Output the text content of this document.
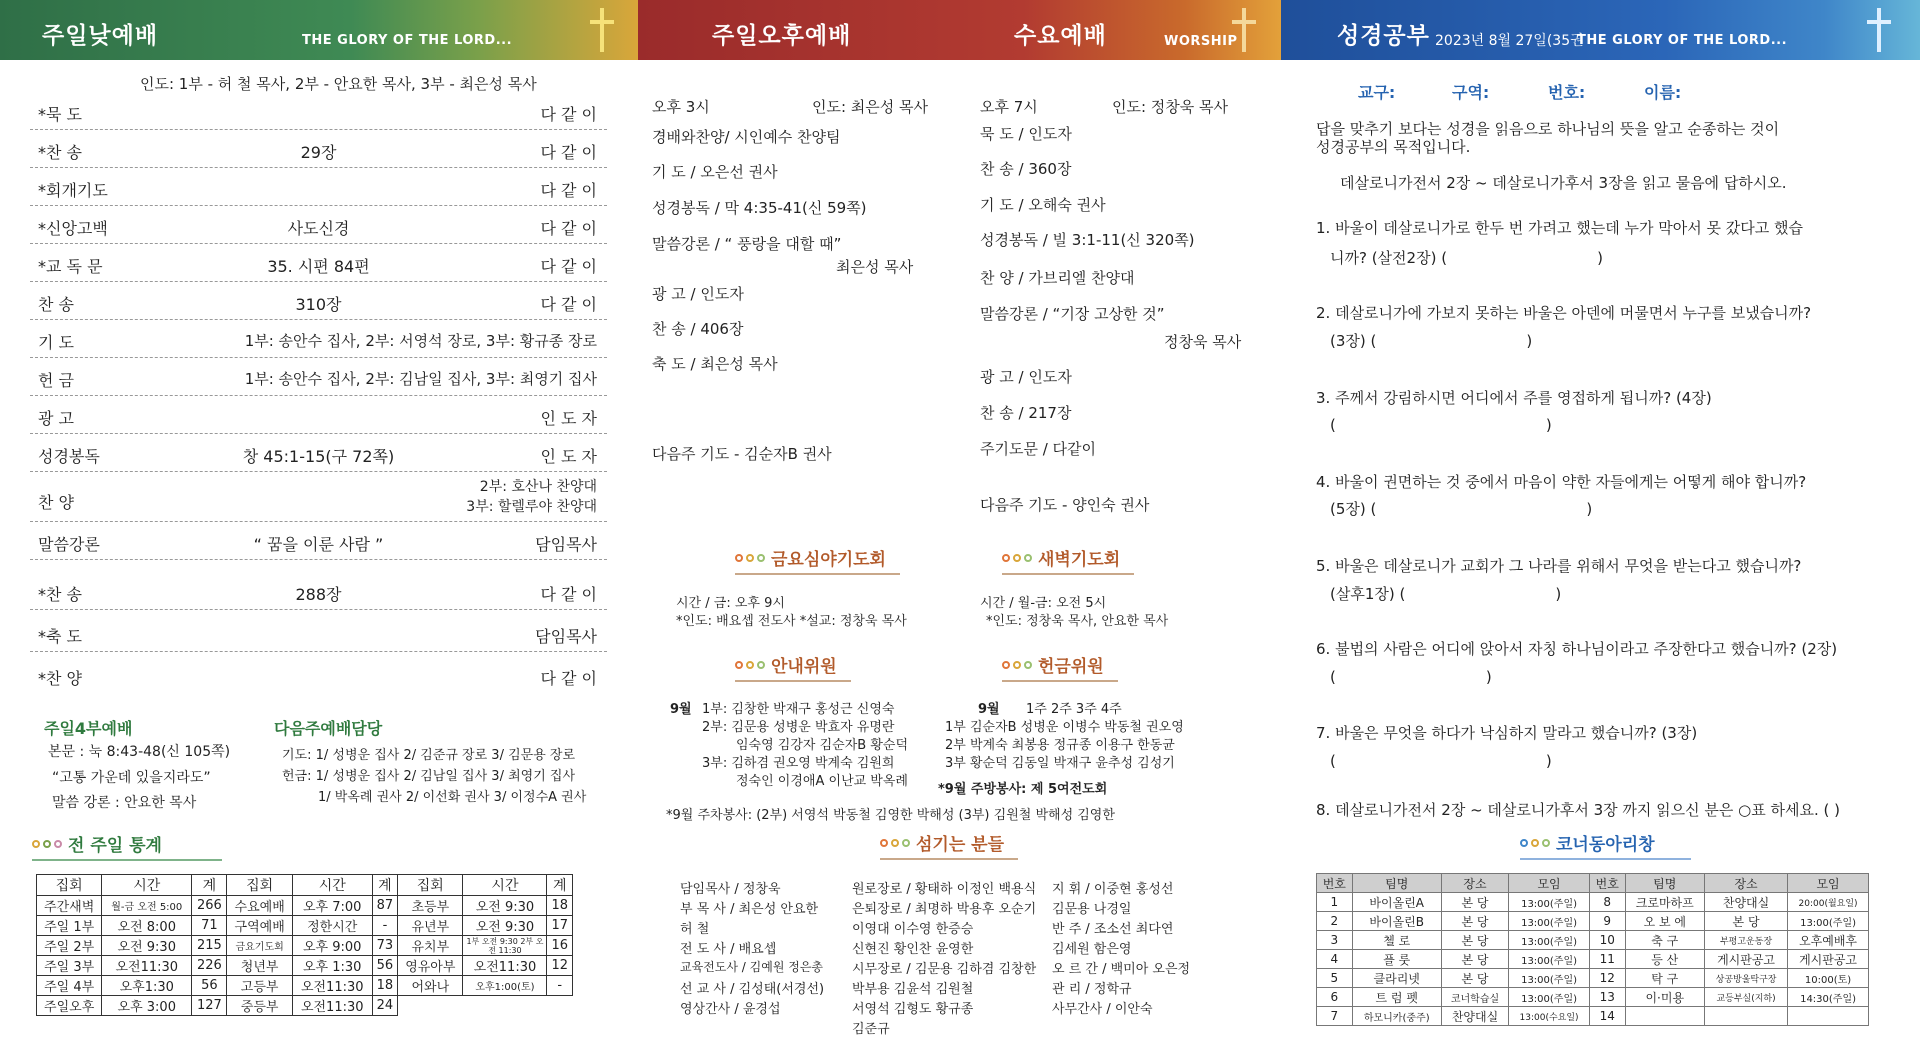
주일낮예배	THE GLORY OF THE LORD...	주일오후예배	수요예배	WORSHIP	성경공부 2023년 8월 27일(35권
THE GLORY OF THE LORD...
인도: 1부 - 허 철 목사, 2부 - 안요한 목사, 3부 - 최은성 목사
*묵 도	다 같 이
*찬 송	29장	다 같 이
*회개기도	다 같 이
*신앙고백	사도신경	다 같 이
*교 독 문	35. 시편 84편	다 같 이
찬 송	310장	다 같 이
기 도	1부: 송안수 집사, 2부: 서영석 장로, 3부: 황규종 장로
헌 금	1부: 송안수 집사, 2부: 김남일 집사, 3부: 최영기 집사
광 고	인 도 자
성경봉독	창 45:1-15(구 72쪽)	인 도 자
찬 양
2부: 호산나 찬양대
3부: 할렐루야 찬양대
말씀강론	“ 꿈을 이룬 사람 ”	담임목사
*찬 송	288장	다 같 이
*축 도	담임목사
*찬 양	다 같 이
주일4부예배
본문 : 눅 8:43-48(신 105쪽)
“고통 가운데 있을지라도”
말씀 강론 : 안요한 목사
다음주예배담당
기도: 1/ 성병운 집사 2/ 김준규 장로 3/ 김문용 장로
헌금: 1/ 성병운 집사 2/ 김남일 집사 3/ 최영기 집사
1/ 박옥례 권사 2/ 이선화 권사 3/ 이정수A 권사
전 주일 통계
집회	시간	계	집회	시간	계	집회	시간	계
주간새벽	월-금 오전 5:00	266	수요예배	오후 7:00	87	초등부	오전 9:30	18
주일 1부	오전 8:00	71	구역예배	정한시간	-	유년부	오전 9:30	17
주일 2부	오전 9:30	215	금요기도회	오후 9:00	73	유치부	1부 오전 9:30 2부 오전 11:30	16
주일 3부	오전11:30	226	청년부	오후 1:30	56	영유아부	오전11:30	12
주일 4부	오후1:30	56	고등부	오전11:30	18	어와나	오후1:00(토)	-
주일오후	오후 3:00	127	중등부	오전11:30	24			
오후 3시	인도: 최은성 목사
경배와찬양/ 시인예수 찬양팀
기 도 / 오은선 권사
성경봉독 / 막 4:35-41(신 59쪽)
말씀강론 / “ 풍랑을 대할 때”
최은성 목사
광 고 / 인도자
찬 송 / 406장
축 도 / 최은성 목사
다음주 기도 - 김순자B 권사
오후 7시	인도: 정창욱 목사
묵 도 / 인도자
찬 송 / 360장
기 도 / 오해숙 권사
성경봉독 / 빌 3:1-11(신 320쪽)
찬 양 / 가브리엘 찬양대
말씀강론 / “기장 고상한 것”
정창욱 목사
광 고 / 인도자
찬 송 / 217장
주기도문 / 다같이
다음주 기도 - 양인숙 권사
금요심야기도회
시간 / 금: 오후 9시
*인도: 배요셉 전도사 *설교: 정창욱 목사
새벽기도회
시간 / 월-금: 오전 5시
*인도: 정창욱 목사, 안요한 목사
안내위원
9월 1부: 김창한 박재구 홍성근 신영숙
2부: 김문용 성병운 박효자 유명란
임숙영 김강자 김순자B 황순덕
3부: 김하겸 권오영 박계숙 김원희
정숙인 이경애A 이난교 박옥례
헌금위원
9월 1주 2주 3주 4주
1부 김순자B 성병운 이병수 박동철 권오영
2부 박계숙 최봉용 정규종 이용구 한동균
3부 황순덕 김동일 박재구 윤추성 김성기
*9월 주방봉사: 제 5여전도회
*9월 주차봉사: (2부) 서영석 박동철 김영한 박해성 (3부) 김원철 박해성 김영한
섬기는 분들
담임목사 / 정창욱
부 목 사 / 최은성 안요한
허 철
전 도 사 / 배요셉
교육전도사 / 김예원 정은총
선 교 사 / 김성태(서경선)
영상간사 / 윤경섭
원로장로 / 황태하 이정인 백용식
은퇴장로 / 최명하 박용후 오순기
이영대 이수영 한증승
신현진 황인찬 윤영한
시무장로 / 김문용 김하겸 김창한
박부용 김윤석 김원철
서영석 김형도 황규종
김준규
지 휘 / 이중현 홍성선
김문용 나경일
반 주 / 조소선 최다연
김세원 함은영
오 르 간 / 백미아 오은정
관 리 / 정학규
사무간사 / 이안숙
교구:	구역:	번호:	이름:
답을 맞추기 보다는 성경을 읽음으로 하나님의 뜻을 알고 순종하는 것이
성경공부의 목적입니다.
데살로니가전서 2장 ~ 데살로니가후서 3장을 읽고 물음에 답하시오.
1. 바울이 데살로니가로 한두 번 가려고 했는데 누가 막아서 못 갔다고 했습
니까? (살전2장) (	)
2. 데살로니가에 가보지 못하는 바울은 아덴에 머물면서 누구를 보냈습니까?
(3장) (	)
3. 주께서 강림하시면 어디에서 주를 영접하게 됩니까? (4장)
(	)
4. 바울이 권면하는 것 중에서 마음이 약한 자들에게는 어떻게 해야 합니까?
(5장) (	)
5. 바울은 데살로니가 교회가 그 나라를 위해서 무엇을 받는다고 했습니까?
(살후1장) (	)
6. 불법의 사람은 어디에 앉아서 자칭 하나님이라고 주장한다고 했습니까? (2장)
(	)
7. 바울은 무엇을 하다가 낙심하지 말라고 했습니까? (3장)
(	)
8. 데살로니가전서 2장 ~ 데살로니가후서 3장 까지 읽으신 분은 ○표 하세요. ( )
코너동아리창
번호	팀명	장소	모임	번호	팀명	장소	모임
1	바이올린A	본 당	13:00(주일)	8	크로마하프	찬양대실	20:00(월요일)
2	바이올린B	본 당	13:00(주일)	9	오 보 에	본 당	13:00(주일)
3	첼 로	본 당	13:00(주일)	10	축 구	부평고운동장	오후예배후
4	플 룻	본 당	13:00(주일)	11	등 산	게시판공고	게시판공고
5	클라리넷	본 당	13:00(주일)	12	탁 구	상공방울탁구장	10:00(토)
6	트 럼 펫	코너학습실	13:00(주일)	13	이·미용	교등부실(지하)	14:30(주일)
7	하모니카(중주)	찬양대실	13:00(수요일)	14			
